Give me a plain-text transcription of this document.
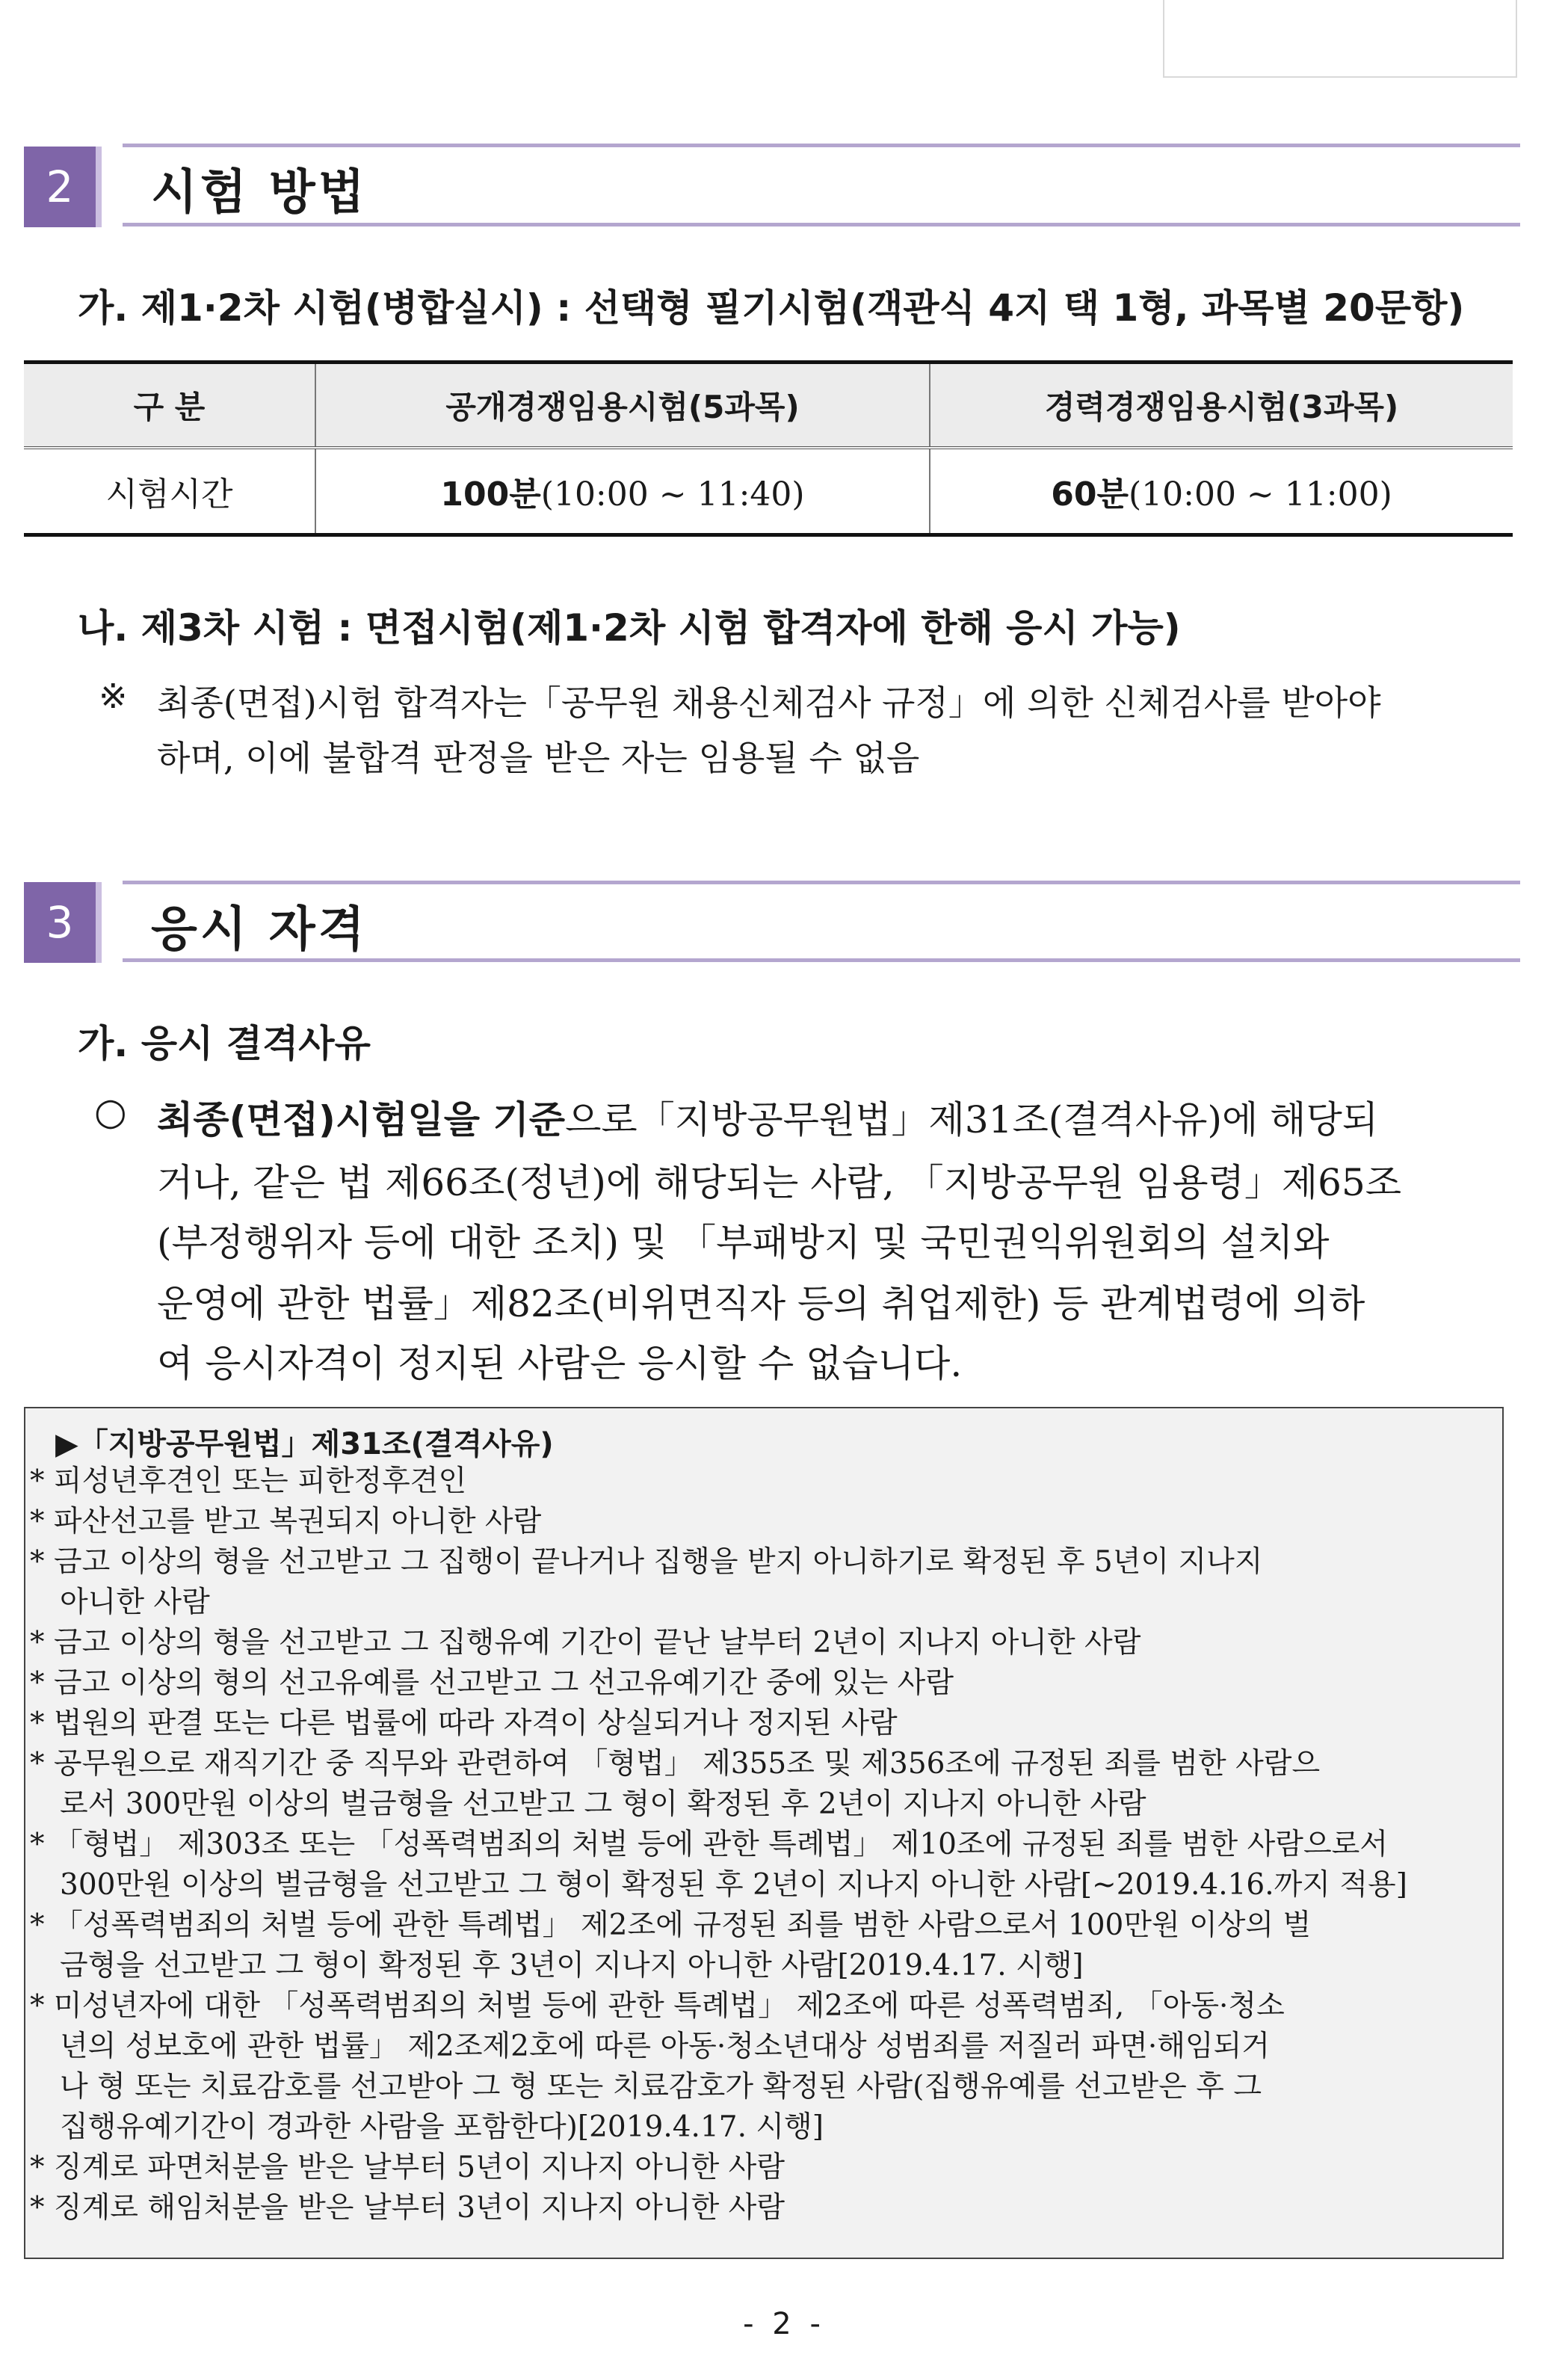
2	시험 방법
가. 제1·2차 시험(병합실시) : 선택형 필기시험(객관식 4지 택 1형, 과목별 20문항)
구 분	공개경쟁임용시험(5과목)	경력경쟁임용시험(3과목)
시험시간	100분(10:00 ~ 11:40)	60분(10:00 ~ 11:00)
나. 제3차 시험 : 면접시험(제1·2차 시험 합격자에 한해 응시 가능)
※ 최종(면접)시험 합격자는「공무원 채용신체검사 규정」에 의한 신체검사를 받아야
하며, 이에 불합격 판정을 받은 자는 임용될 수 없음
3	응시 자격
가. 응시 결격사유
○ 최종(면접)시험일을 기준으로「지방공무원법」제31조(결격사유)에 해당되
거나, 같은 법 제66조(정년)에 해당되는 사람, 「지방공무원 임용령」제65조
(부정행위자 등에 대한 조치) 및 「부패방지 및 국민권익위원회의 설치와
운영에 관한 법률」제82조(비위면직자 등의 취업제한) 등 관계법령에 의하
여 응시자격이 정지된 사람은 응시할 수 없습니다.
▶「지방공무원법」제31조(결격사유)
* 피성년후견인 또는 피한정후견인
* 파산선고를 받고 복권되지 아니한 사람
* 금고 이상의 형을 선고받고 그 집행이 끝나거나 집행을 받지 아니하기로 확정된 후 5년이 지나지
아니한 사람
* 금고 이상의 형을 선고받고 그 집행유예 기간이 끝난 날부터 2년이 지나지 아니한 사람
* 금고 이상의 형의 선고유예를 선고받고 그 선고유예기간 중에 있는 사람
* 법원의 판결 또는 다른 법률에 따라 자격이 상실되거나 정지된 사람
* 공무원으로 재직기간 중 직무와 관련하여 「형법」 제355조 및 제356조에 규정된 죄를 범한 사람으
로서 300만원 이상의 벌금형을 선고받고 그 형이 확정된 후 2년이 지나지 아니한 사람
* 「형법」 제303조 또는 「성폭력범죄의 처벌 등에 관한 특례법」 제10조에 규정된 죄를 범한 사람으로서
300만원 이상의 벌금형을 선고받고 그 형이 확정된 후 2년이 지나지 아니한 사람[~2019.4.16.까지 적용]
* 「성폭력범죄의 처벌 등에 관한 특례법」 제2조에 규정된 죄를 범한 사람으로서 100만원 이상의 벌
금형을 선고받고 그 형이 확정된 후 3년이 지나지 아니한 사람[2019.4.17. 시행]
* 미성년자에 대한 「성폭력범죄의 처벌 등에 관한 특례법」 제2조에 따른 성폭력범죄, 「아동·청소
년의 성보호에 관한 법률」 제2조제2호에 따른 아동·청소년대상 성범죄를 저질러 파면·해임되거
나 형 또는 치료감호를 선고받아 그 형 또는 치료감호가 확정된 사람(집행유예를 선고받은 후 그
집행유예기간이 경과한 사람을 포함한다)[2019.4.17. 시행]
* 징계로 파면처분을 받은 날부터 5년이 지나지 아니한 사람
* 징계로 해임처분을 받은 날부터 3년이 지나지 아니한 사람
- 2 -
